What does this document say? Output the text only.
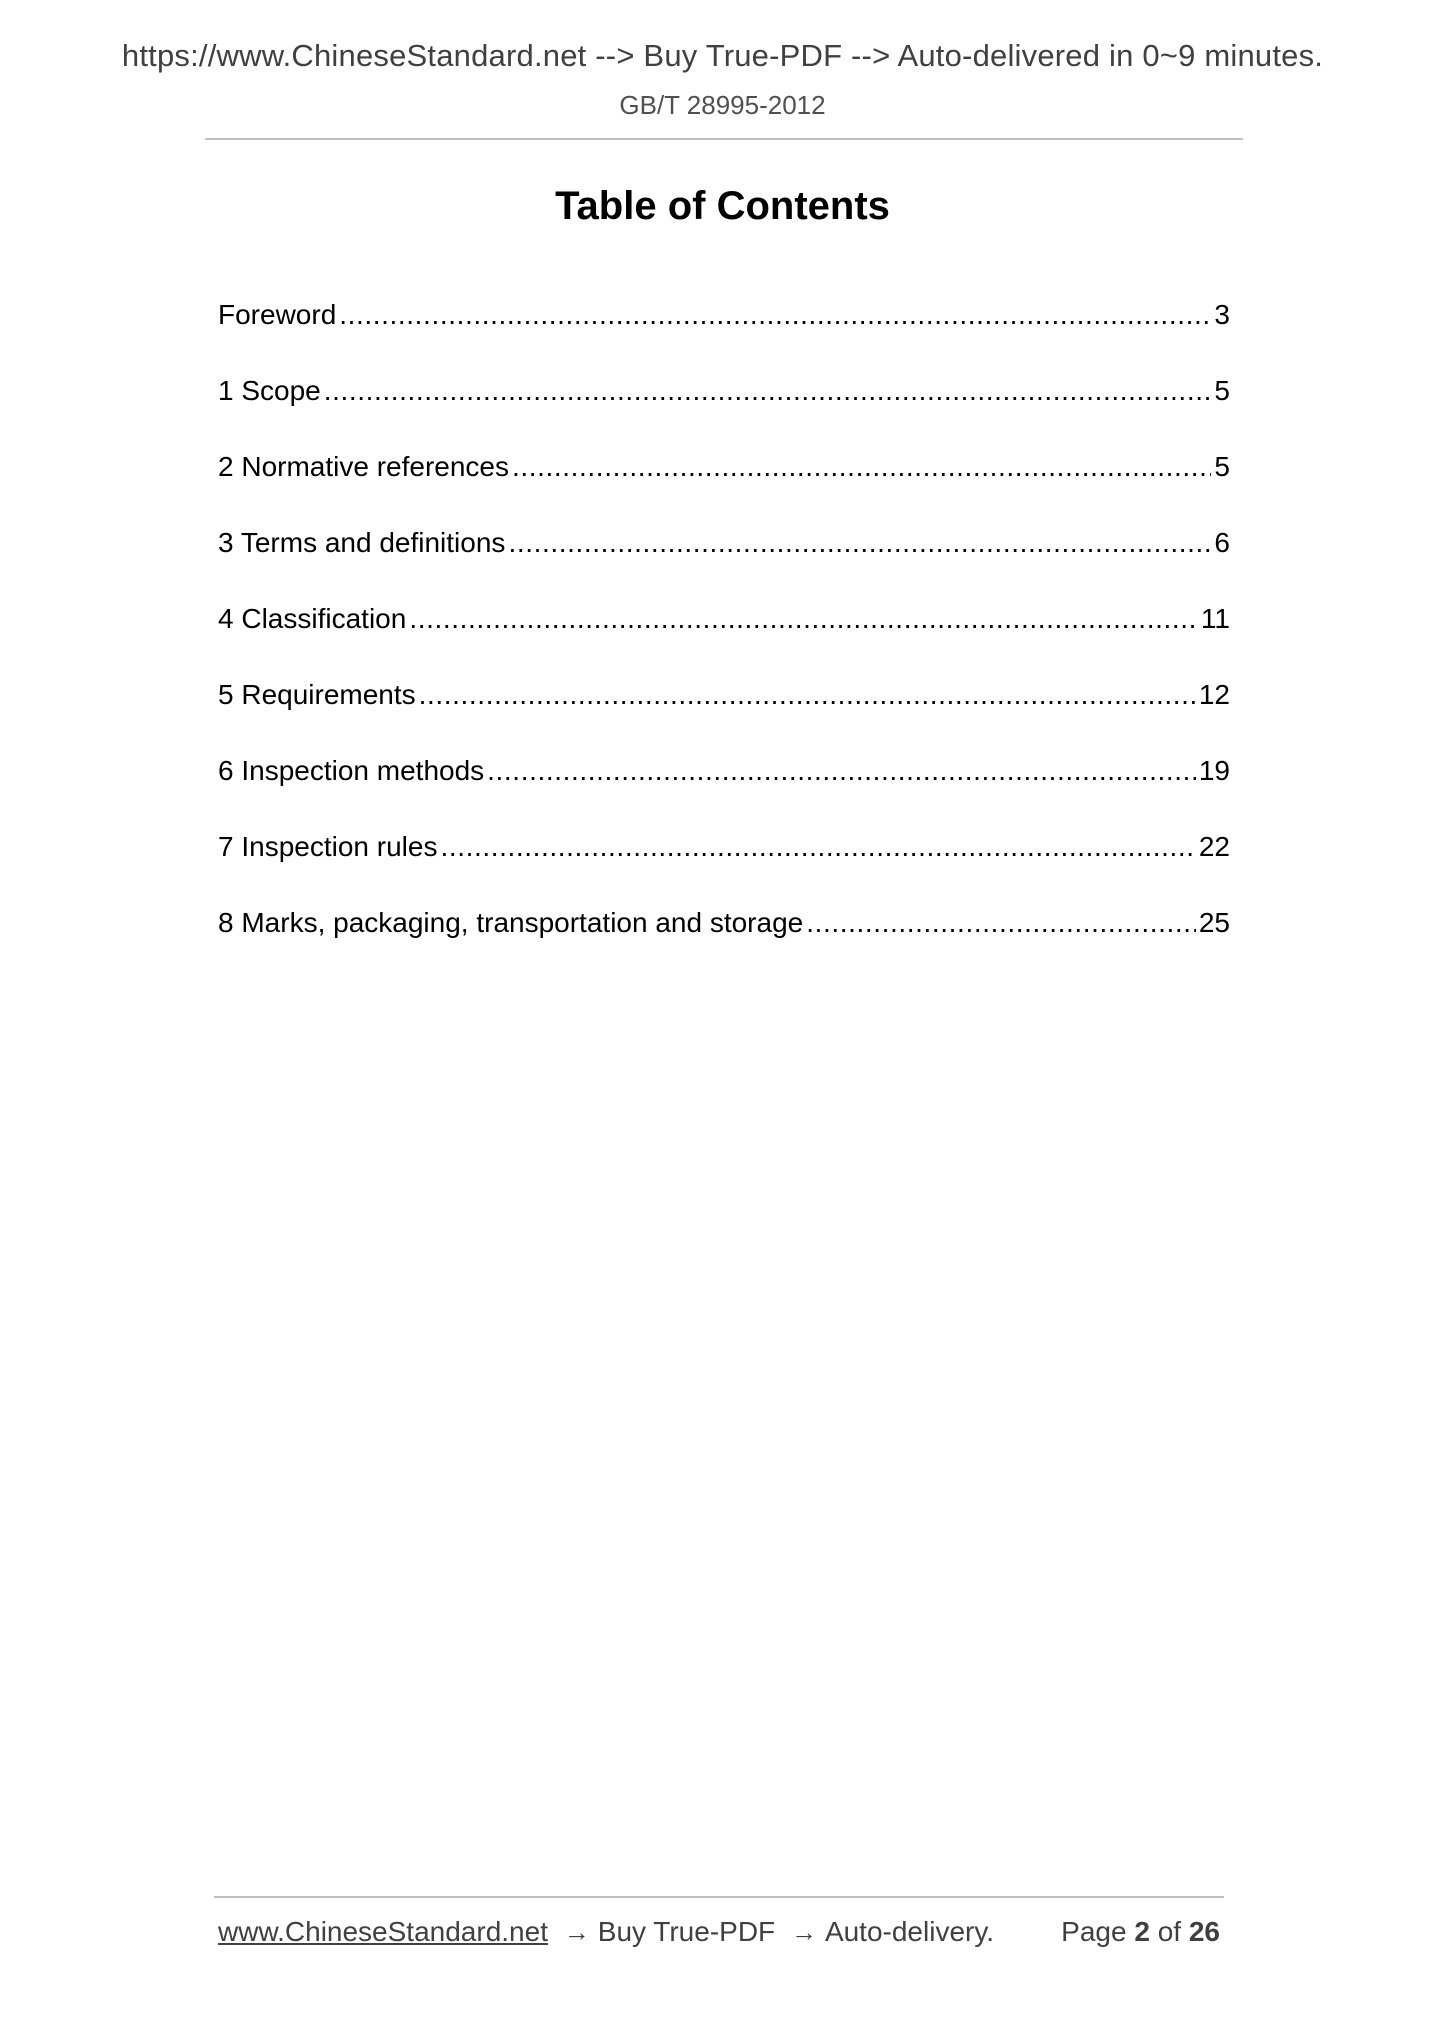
https://www.ChineseStandard.net --> Buy True-PDF --> Auto-delivered in 0~9 minutes.
GB/T 28995-2012
Table of Contents
Foreword .....	3
1 Scope .....	5
2 Normative references .....	5
3 Terms and definitions .....	6
4 Classification .....	11
5 Requirements .....	12
6 Inspection methods .....	19
7 Inspection rules .....	22
8 Marks, packaging, transportation and storage .....	25
www.ChineseStandard.net → Buy True-PDF → Auto-delivery. Page 2 of 26
